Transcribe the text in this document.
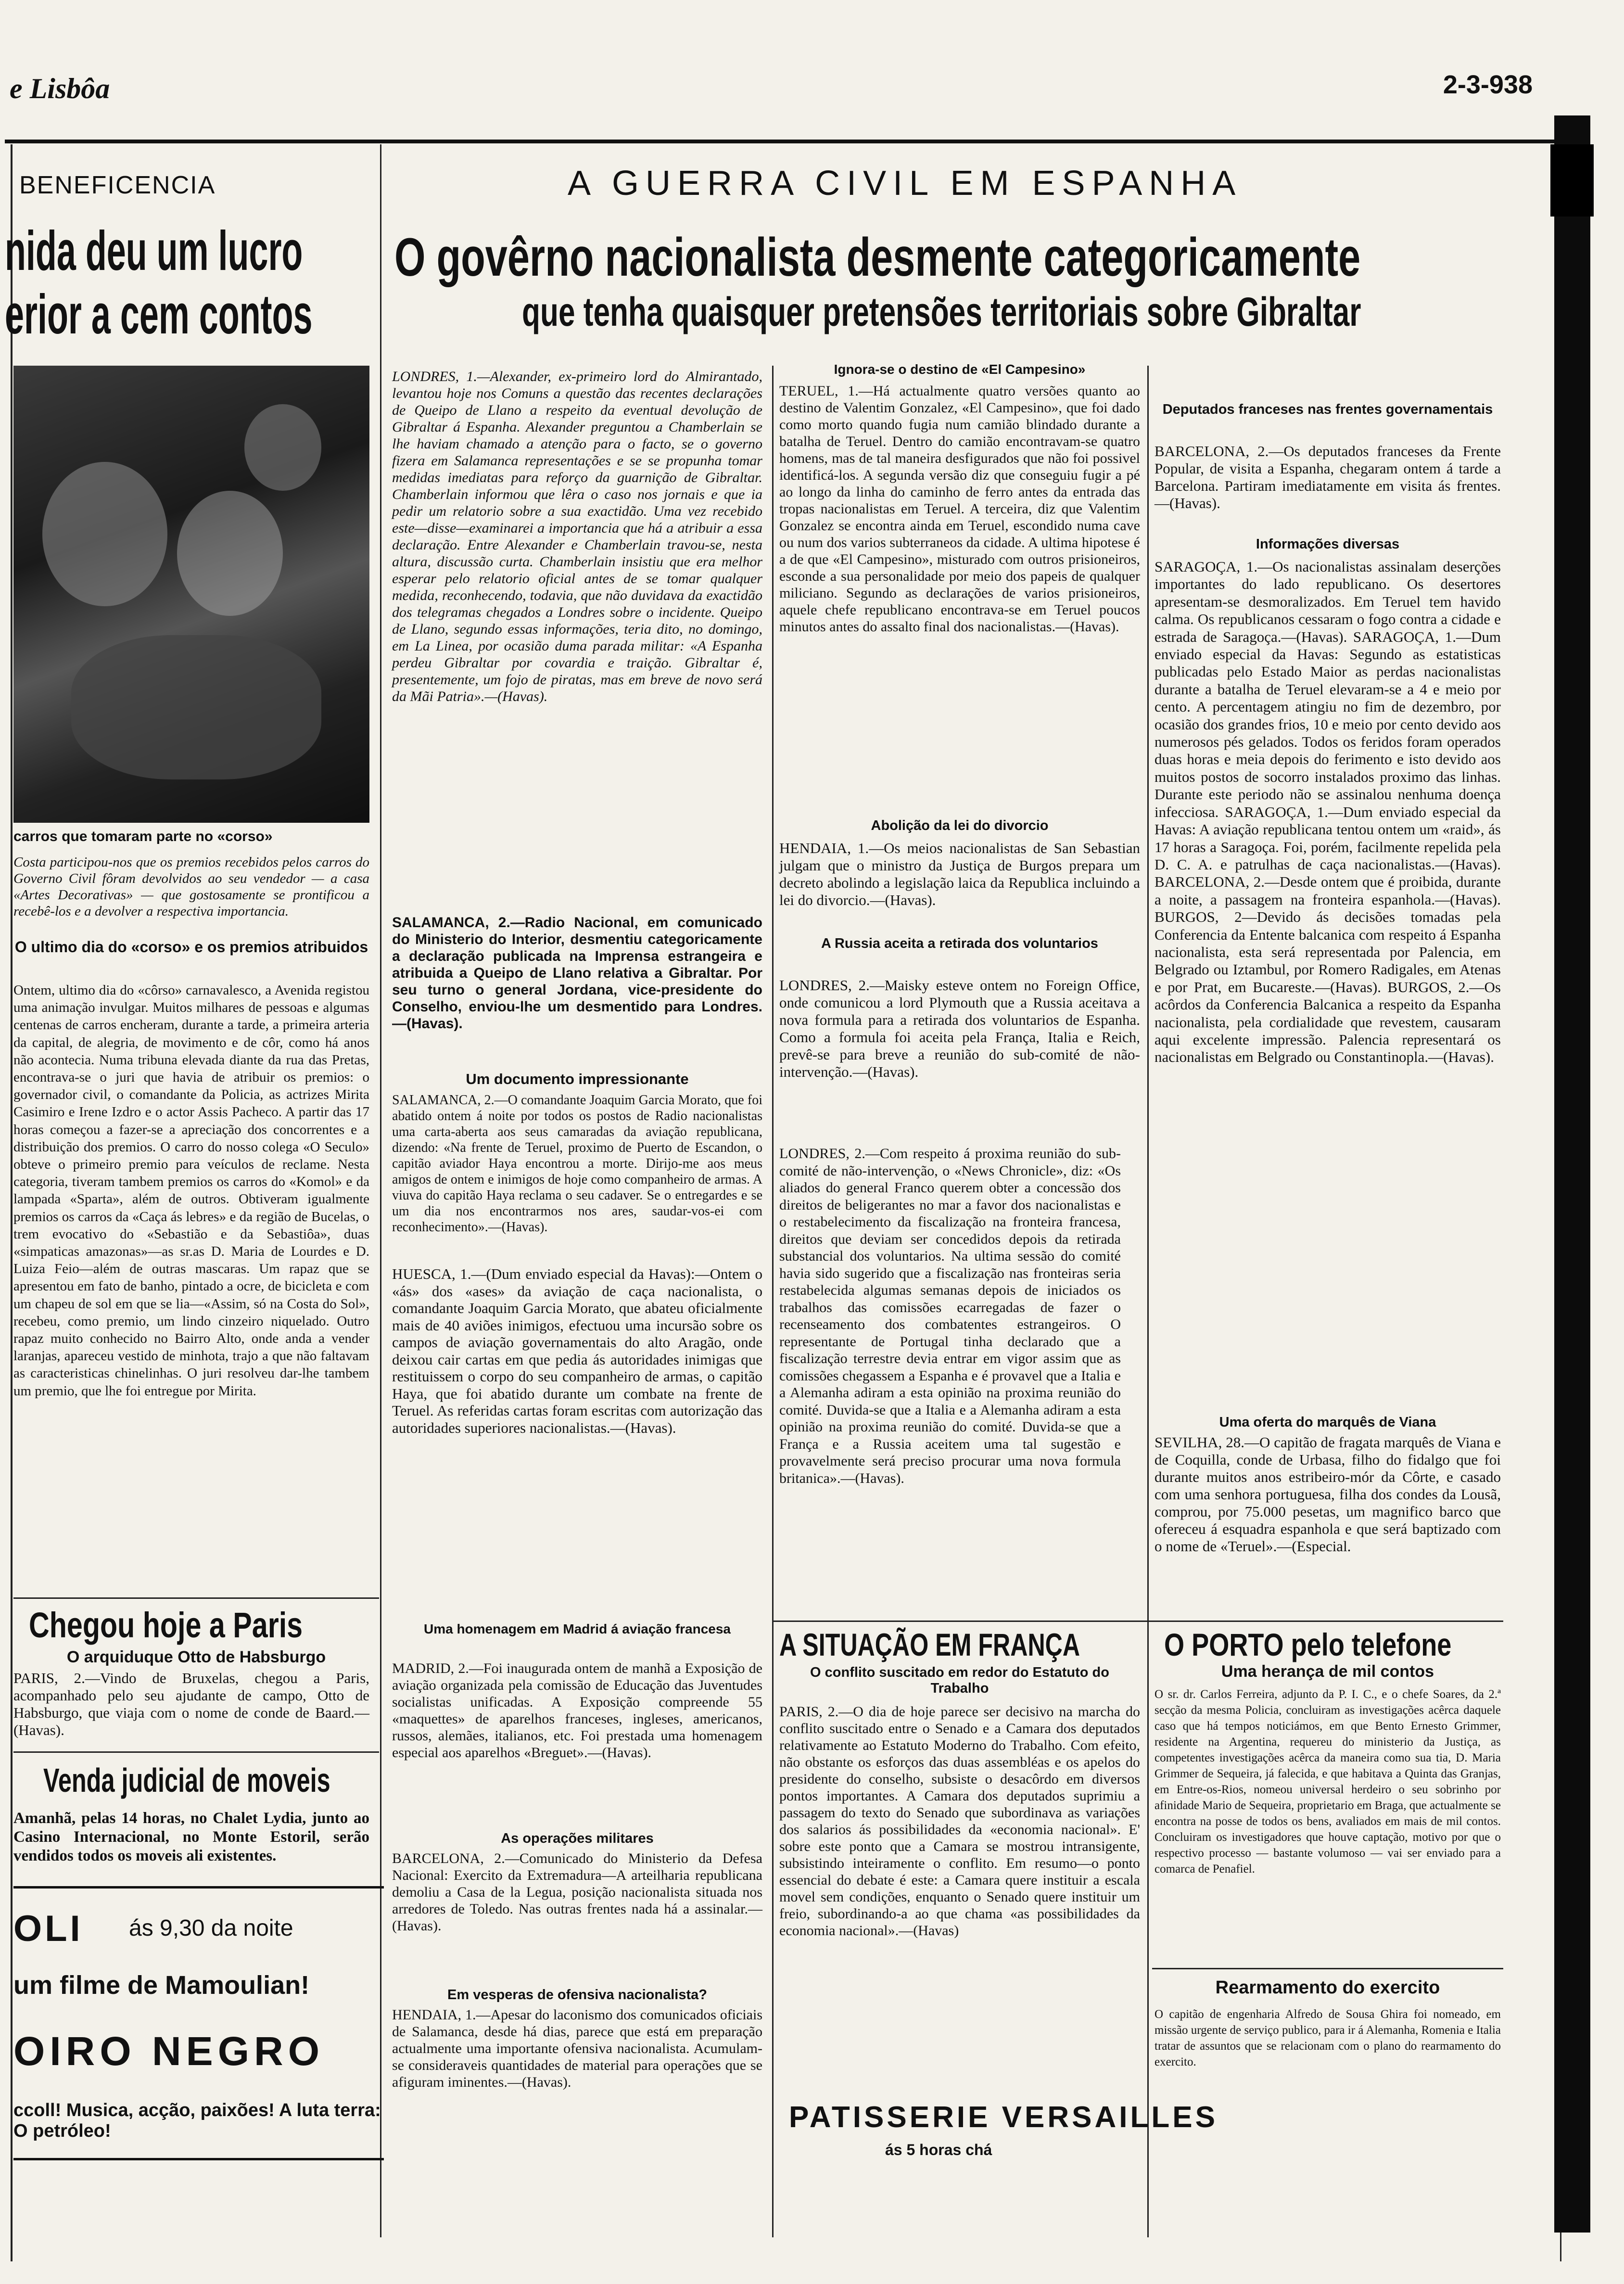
e Lisbôa	2-3-938
BENEFICENCIA
nida deu um lucro erior a cem contos
carros que tomaram parte no «corso»
Costa participou-nos que os premios recebidos pelos carros do Governo Civil fôram devolvidos ao seu vendedor — a casa «Artes Decorativas» — que gostosamente se prontificou a recebê-los e a devolver a respectiva importancia.
O ultimo dia do «corso» e os premios atribuidos
Ontem, ultimo dia do «côrso» carnavalesco, a Avenida registou uma animação invulgar. Muitos milhares de pessoas e algumas centenas de carros encheram, durante a tarde, a primeira arteria da capital, de alegria, de movimento e de côr, como há anos não acontecia. Numa tribuna elevada diante da rua das Pretas, encontrava-se o juri que havia de atribuir os premios: o governador civil, o comandante da Policia, as actrizes Mirita Casimiro e Irene Izdro e o actor Assis Pacheco. A partir das 17 horas começou a fazer-se a apreciação dos concorrentes e a distribuição dos premios. O carro do nosso colega «O Seculo» obteve o primeiro premio para veículos de reclame. Nesta categoria, tiveram tambem premios os carros do «Komol» e da lampada «Sparta», além de outros. Obtiveram igualmente premios os carros da «Caça ás lebres» e da região de Bucelas, o trem evocativo do «Sebastião e da Sebastiôa», duas «simpaticas amazonas»—as sr.as D. Maria de Lourdes e D. Luiza Feio—além de outras mascaras. Um rapaz que se apresentou em fato de banho, pintado a ocre, de bicicleta e com um chapeu de sol em que se lia—«Assim, só na Costa do Sol», recebeu, como premio, um lindo cinzeiro niquelado. Outro rapaz muito conhecido no Bairro Alto, onde anda a vender laranjas, apareceu vestido de minhota, trajo a que não faltavam as caracteristicas chinelinhas. O juri resolveu dar-lhe tambem um premio, que lhe foi entregue por Mirita.
Chegou hoje a Paris
O arquiduque Otto de Habsburgo
PARIS, 2.—Vindo de Bruxelas, chegou a Paris, acompanhado pelo seu ajudante de campo, Otto de Habsburgo, que viaja com o nome de conde de Baard.—(Havas).
Venda judicial de moveis
Amanhã, pelas 14 horas, no Chalet Lydia, junto ao Casino Internacional, no Monte Estoril, serão vendidos todos os moveis ali existentes.
OLI ás 9,30 da noite
um filme de Mamoulian!
OIRO NEGRO
ccoll! Musica, acção, paixões! A luta terra: O petróleo!
A GUERRA CIVIL EM ESPANHA
O govêrno nacionalista desmente categoricamente
que tenha quaisquer pretensões territoriais sobre Gibraltar
LONDRES, 1.—Alexander, ex-primeiro lord do Almirantado, levantou hoje nos Comuns a questão das recentes declarações de Queipo de Llano a respeito da eventual devolução de Gibraltar á Espanha. Alexander preguntou a Chamberlain se lhe haviam chamado a atenção para o facto, se o governo fizera em Salamanca representações e se se propunha tomar medidas imediatas para reforço da guarnição de Gibraltar. Chamberlain informou que lêra o caso nos jornais e que ia pedir um relatorio sobre a sua exactidão. Uma vez recebido este—disse—examinarei a importancia que há a atribuir a essa declaração. Entre Alexander e Chamberlain travou-se, nesta altura, discussão curta. Chamberlain insistiu que era melhor esperar pelo relatorio oficial antes de se tomar qualquer medida, reconhecendo, todavia, que não duvidava da exactidão dos telegramas chegados a Londres sobre o incidente. Queipo de Llano, segundo essas informações, teria dito, no domingo, em La Linea, por ocasião duma parada militar: «A Espanha perdeu Gibraltar por covardia e traição. Gibraltar é, presentemente, um fojo de piratas, mas em breve de novo será da Mãi Patria».—(Havas).
SALAMANCA, 2.—Radio Nacional, em comunicado do Ministerio do Interior, desmentiu categoricamente a declaração publicada na Imprensa estrangeira e atribuida a Queipo de Llano relativa a Gibraltar. Por seu turno o general Jordana, vice-presidente do Conselho, enviou-lhe um desmentido para Londres.—(Havas).
Um documento impressionante
SALAMANCA, 2.—O comandante Joaquim Garcia Morato, que foi abatido ontem á noite por todos os postos de Radio nacionalistas uma carta-aberta aos seus camaradas da aviação republicana, dizendo: «Na frente de Teruel, proximo de Puerto de Escandon, o capitão aviador Haya encontrou a morte. Dirijo-me aos meus amigos de ontem e inimigos de hoje como companheiro de armas. A viuva do capitão Haya reclama o seu cadaver. Se o entregardes e se um dia nos encontrarmos nos ares, saudar-vos-ei com reconhecimento».—(Havas).
HUESCA, 1.—(Dum enviado especial da Havas):—Ontem o «ás» dos «ases» da aviação de caça nacionalista, o comandante Joaquim Garcia Morato, que abateu oficialmente mais de 40 aviões inimigos, efectuou uma incursão sobre os campos de aviação governamentais do alto Aragão, onde deixou cair cartas em que pedia ás autoridades inimigas que restituissem o corpo do seu companheiro de armas, o capitão Haya, que foi abatido durante um combate na frente de Teruel. As referidas cartas foram escritas com autorização das autoridades superiores nacionalistas.—(Havas).
Uma homenagem em Madrid á aviação francesa
MADRID, 2.—Foi inaugurada ontem de manhã a Exposição de aviação organizada pela comissão de Educação das Juventudes socialistas unificadas. A Exposição compreende 55 «maquettes» de aparelhos franceses, ingleses, americanos, russos, alemães, italianos, etc. Foi prestada uma homenagem especial aos aparelhos «Breguet».—(Havas).
As operações militares
BARCELONA, 2.—Comunicado do Ministerio da Defesa Nacional: Exercito da Extremadura—A arteilharia republicana demoliu a Casa de la Legua, posição nacionalista situada nos arredores de Toledo. Nas outras frentes nada há a assinalar.—(Havas).
Em vesperas de ofensiva nacionalista?
HENDAIA, 1.—Apesar do laconismo dos comunicados oficiais de Salamanca, desde há dias, parece que está em preparação actualmente uma importante ofensiva nacionalista. Acumulam-se consideraveis quantidades de material para operações que se afiguram iminentes.—(Havas).
Ignora-se o destino de «El Campesino»
TERUEL, 1.—Há actualmente quatro versões quanto ao destino de Valentim Gonzalez, «El Campesino», que foi dado como morto quando fugia num camião blindado durante a batalha de Teruel. Dentro do camião encontravam-se quatro homens, mas de tal maneira desfigurados que não foi possivel identificá-los. A segunda versão diz que conseguiu fugir a pé ao longo da linha do caminho de ferro antes da entrada das tropas nacionalistas em Teruel. A terceira, diz que Valentim Gonzalez se encontra ainda em Teruel, escondido numa cave ou num dos varios subterraneos da cidade. A ultima hipotese é a de que «El Campesino», misturado com outros prisioneiros, esconde a sua personalidade por meio dos papeis de qualquer miliciano. Segundo as declarações de varios prisioneiros, aquele chefe republicano encontrava-se em Teruel poucos minutos antes do assalto final dos nacionalistas.—(Havas).
Abolição da lei do divorcio
HENDAIA, 1.—Os meios nacionalistas de San Sebastian julgam que o ministro da Justiça de Burgos prepara um decreto abolindo a legislação laica da Republica incluindo a lei do divorcio.—(Havas).
A Russia aceita a retirada dos voluntarios
LONDRES, 2.—Maisky esteve ontem no Foreign Office, onde comunicou a lord Plymouth que a Russia aceitava a nova formula para a retirada dos voluntarios de Espanha. Como a formula foi aceita pela França, Italia e Reich, prevê-se para breve a reunião do sub-comité de não-intervenção.—(Havas).
LONDRES, 2.—Com respeito á proxima reunião do sub-comité de não-intervenção, o «News Chronicle», diz: «Os aliados do general Franco querem obter a concessão dos direitos de beligerantes no mar a favor dos nacionalistas e o restabelecimento da fiscalização na fronteira francesa, direitos que deviam ser concedidos depois da retirada substancial dos voluntarios. Na ultima sessão do comité havia sido sugerido que a fiscalização nas fronteiras seria restabelecida algumas semanas depois de iniciados os trabalhos das comissões ecarregadas de fazer o recenseamento dos combatentes estrangeiros. O representante de Portugal tinha declarado que a fiscalização terrestre devia entrar em vigor assim que as comissões chegassem a Espanha e é provavel que a Italia e a Alemanha adiram a esta opinião na proxima reunião do comité. Duvida-se que a Italia e a Alemanha adiram a esta opinião na proxima reunião do comité. Duvida-se que a França e a Russia aceitem uma tal sugestão e provavelmente será preciso procurar uma nova formula britanica».—(Havas).
Deputados franceses nas frentes governamentais
BARCELONA, 2.—Os deputados franceses da Frente Popular, de visita a Espanha, chegaram ontem á tarde a Barcelona. Partiram imediatamente em visita ás frentes.—(Havas).
Informações diversas
SARAGOÇA, 1.—Os nacionalistas assinalam deserções importantes do lado republicano. Os desertores apresentam-se desmoralizados. Em Teruel tem havido calma. Os republicanos cessaram o fogo contra a cidade e estrada de Saragoça.—(Havas). SARAGOÇA, 1.—Dum enviado especial da Havas: Segundo as estatisticas publicadas pelo Estado Maior as perdas nacionalistas durante a batalha de Teruel elevaram-se a 4 e meio por cento. A percentagem atingiu no fim de dezembro, por ocasião dos grandes frios, 10 e meio por cento devido aos numerosos pés gelados. Todos os feridos foram operados duas horas e meia depois do ferimento e isto devido aos muitos postos de socorro instalados proximo das linhas. Durante este periodo não se assinalou nenhuma doença infecciosa. SARAGOÇA, 1.—Dum enviado especial da Havas: A aviação republicana tentou ontem um «raid», ás 17 horas a Saragoça. Foi, porém, facilmente repelida pela D. C. A. e patrulhas de caça nacionalistas.—(Havas). BARCELONA, 2.—Desde ontem que é proibida, durante a noite, a passagem na fronteira espanhola.—(Havas). BURGOS, 2—Devido ás decisões tomadas pela Conferencia da Entente balcanica com respeito á Espanha nacionalista, esta será representada por Palencia, em Belgrado ou Iztambul, por Romero Radigales, em Atenas e por Prat, em Bucareste.—(Havas). BURGOS, 2.—Os acôrdos da Conferencia Balcanica a respeito da Espanha nacionalista, pela cordialidade que revestem, causaram aqui excelente impressão. Palencia representará os nacionalistas em Belgrado ou Constantinopla.—(Havas).
Uma oferta do marquês de Viana
SEVILHA, 28.—O capitão de fragata marquês de Viana e de Coquilla, conde de Urbasa, filho do fidalgo que foi durante muitos anos estribeiro-mór da Côrte, e casado com uma senhora portuguesa, filha dos condes da Lousã, comprou, por 75.000 pesetas, um magnifico barco que ofereceu á esquadra espanhola e que será baptizado com o nome de «Teruel».—(Especial.
A SITUAÇÃO EM FRANÇA
O conflito suscitado em redor do Estatuto do Trabalho
PARIS, 2.—O dia de hoje parece ser decisivo na marcha do conflito suscitado entre o Senado e a Camara dos deputados relativamente ao Estatuto Moderno do Trabalho. Com efeito, não obstante os esforços das duas assembléas e os apelos do presidente do conselho, subsiste o desacôrdo em diversos pontos importantes. A Camara dos deputados suprimiu a passagem do texto do Senado que subordinava as variações dos salarios ás possibilidades da «economia nacional». E' sobre este ponto que a Camara se mostrou intransigente, subsistindo inteiramente o conflito. Em resumo—o ponto essencial do debate é este: a Camara quere instituir a escala movel sem condições, enquanto o Senado quere instituir um freio, subordinando-a ao que chama «as possibilidades da economia nacional».—(Havas)
PATISSERIE VERSAILLES
ás 5 horas chá
O PORTO pelo telefone
Uma herança de mil contos
O sr. dr. Carlos Ferreira, adjunto da P. I. C., e o chefe Soares, da 2.ª secção da mesma Policia, concluiram as investigações acêrca daquele caso que há tempos noticiámos, em que Bento Ernesto Grimmer, residente na Argentina, requereu do ministerio da Justiça, as competentes investigações acêrca da maneira como sua tia, D. Maria Grimmer de Sequeira, já falecida, e que habitava a Quinta das Granjas, em Entre-os-Rios, nomeou universal herdeiro o seu sobrinho por afinidade Mario de Sequeira, proprietario em Braga, que actualmente se encontra na posse de todos os bens, avaliados em mais de mil contos. Concluiram os investigadores que houve captação, motivo por que o respectivo processo — bastante volumoso — vai ser enviado para a comarca de Penafiel.
Rearmamento do exercito
O capitão de engenharia Alfredo de Sousa Ghira foi nomeado, em missão urgente de serviço publico, para ir á Alemanha, Romenia e Italia tratar de assuntos que se relacionam com o plano do rearmamento do exercito.
